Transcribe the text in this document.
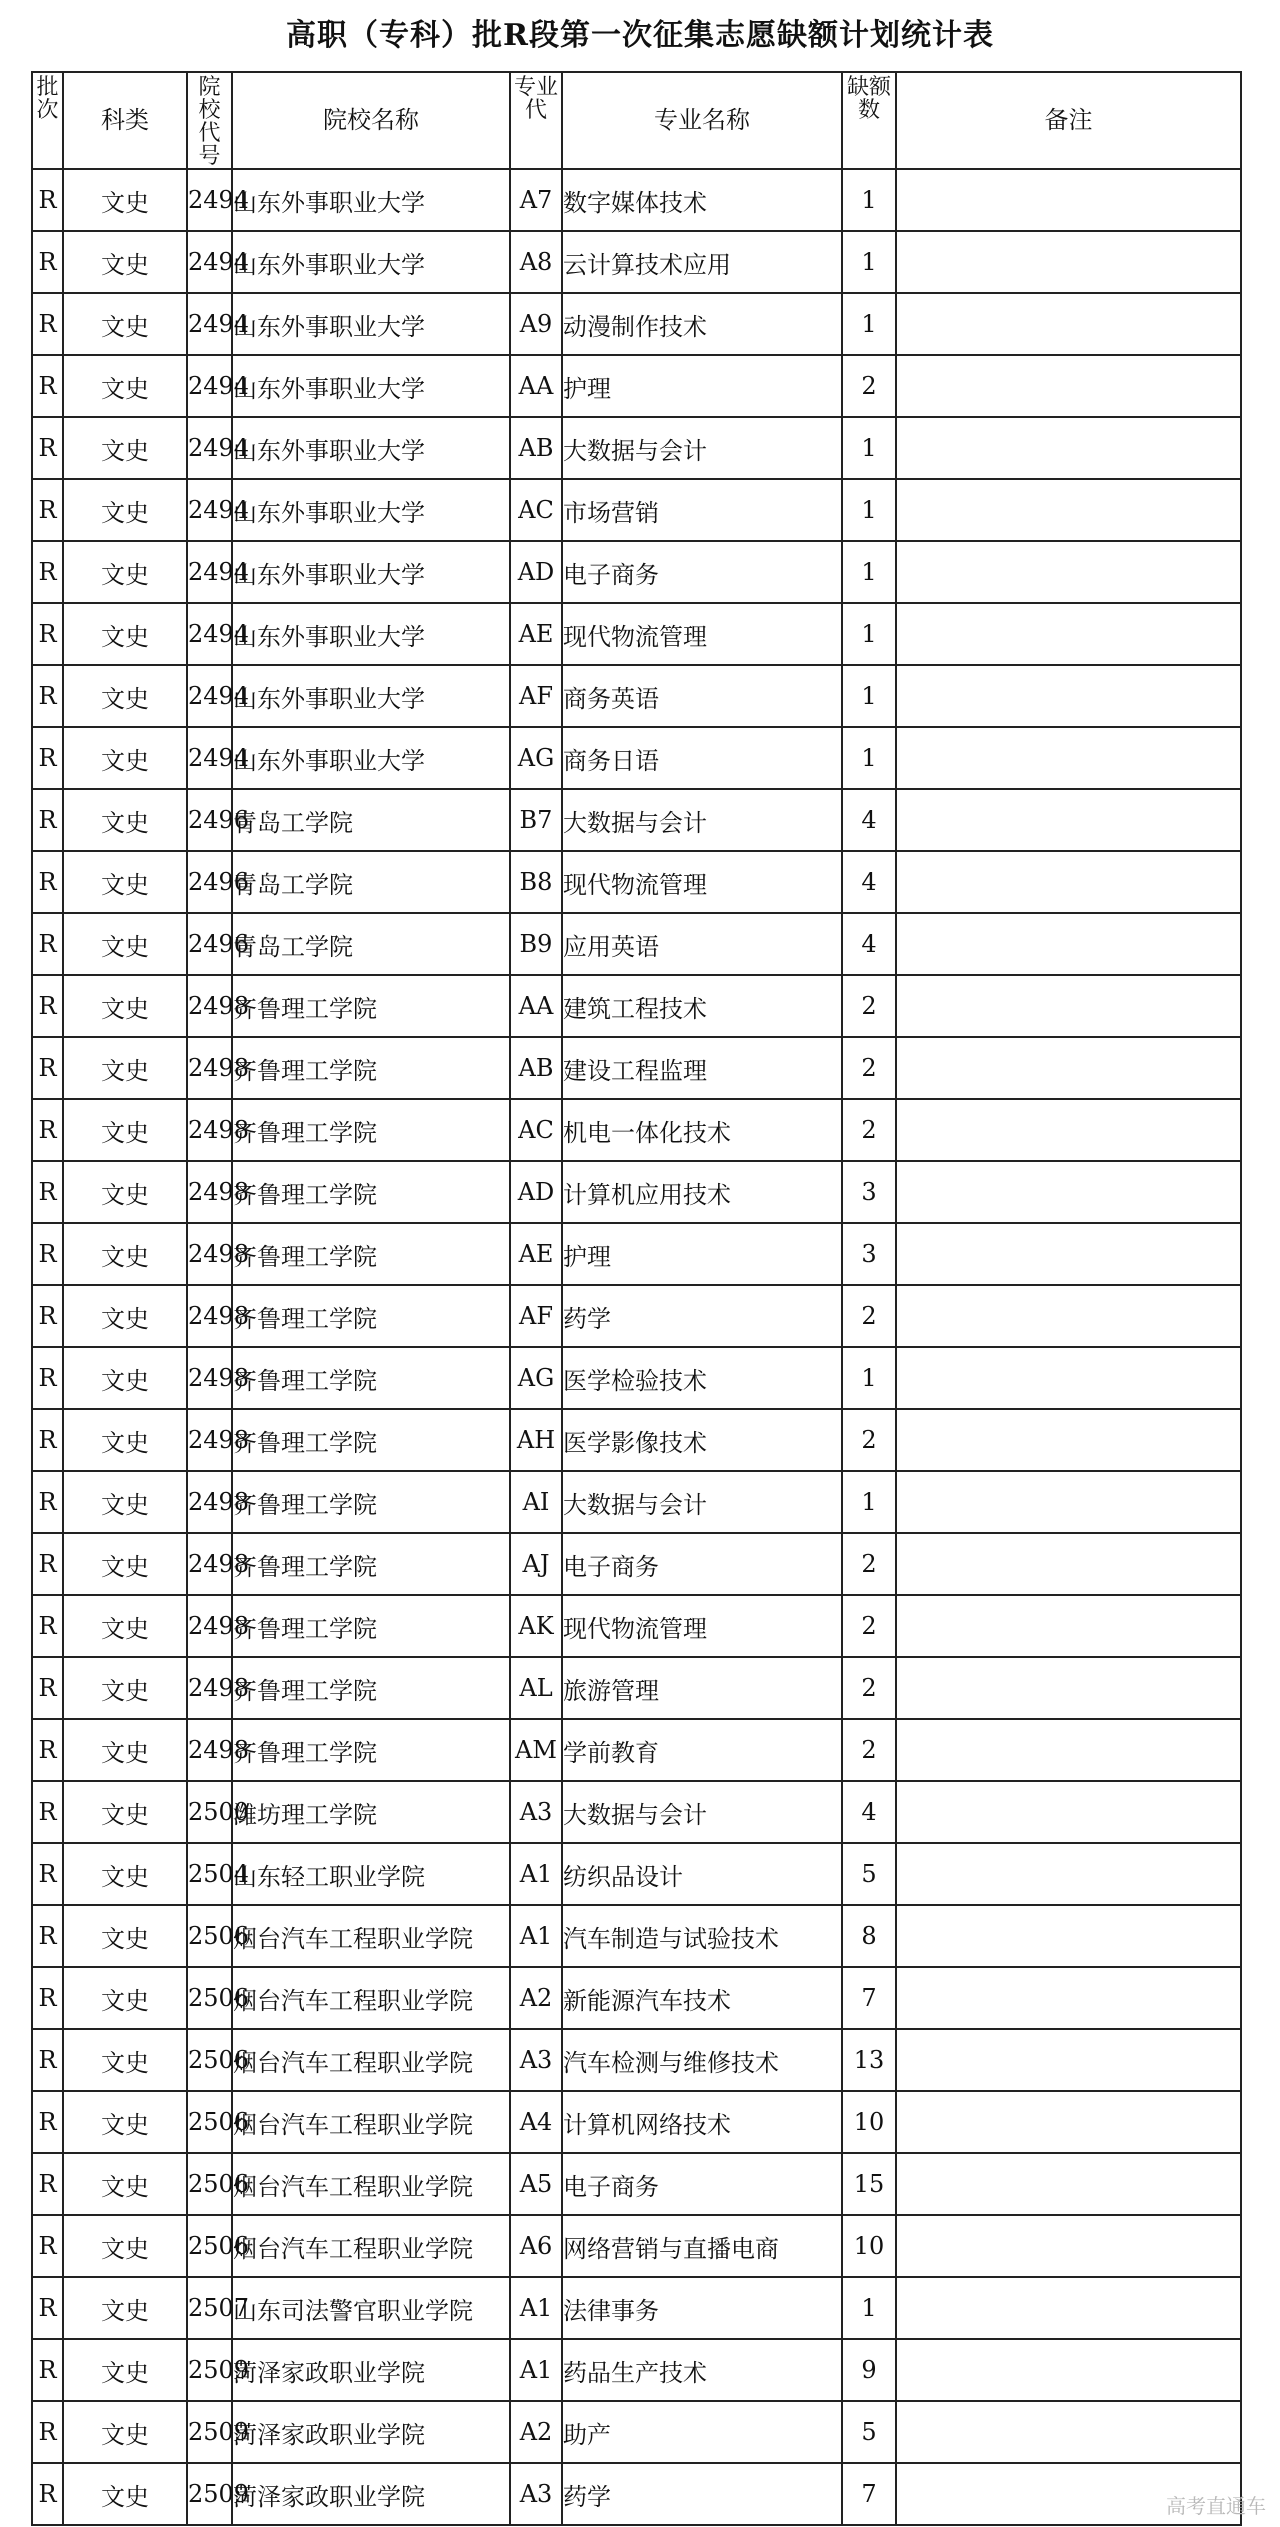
高职（专科）批R段第一次征集志愿缺额计划统计表
批次	科类	院校代号	院校名称	专业代	专业名称	缺额数	备注
R	文史	2494	山东外事职业大学	A7	数字媒体技术	1	
R	文史	2494	山东外事职业大学	A8	云计算技术应用	1	
R	文史	2494	山东外事职业大学	A9	动漫制作技术	1	
R	文史	2494	山东外事职业大学	AA	护理	2	
R	文史	2494	山东外事职业大学	AB	大数据与会计	1	
R	文史	2494	山东外事职业大学	AC	市场营销	1	
R	文史	2494	山东外事职业大学	AD	电子商务	1	
R	文史	2494	山东外事职业大学	AE	现代物流管理	1	
R	文史	2494	山东外事职业大学	AF	商务英语	1	
R	文史	2494	山东外事职业大学	AG	商务日语	1	
R	文史	2496	青岛工学院	B7	大数据与会计	4	
R	文史	2496	青岛工学院	B8	现代物流管理	4	
R	文史	2496	青岛工学院	B9	应用英语	4	
R	文史	2498	齐鲁理工学院	AA	建筑工程技术	2	
R	文史	2498	齐鲁理工学院	AB	建设工程监理	2	
R	文史	2498	齐鲁理工学院	AC	机电一体化技术	2	
R	文史	2498	齐鲁理工学院	AD	计算机应用技术	3	
R	文史	2498	齐鲁理工学院	AE	护理	3	
R	文史	2498	齐鲁理工学院	AF	药学	2	
R	文史	2498	齐鲁理工学院	AG	医学检验技术	1	
R	文史	2498	齐鲁理工学院	AH	医学影像技术	2	
R	文史	2498	齐鲁理工学院	AI	大数据与会计	1	
R	文史	2498	齐鲁理工学院	AJ	电子商务	2	
R	文史	2498	齐鲁理工学院	AK	现代物流管理	2	
R	文史	2498	齐鲁理工学院	AL	旅游管理	2	
R	文史	2498	齐鲁理工学院	AM	学前教育	2	
R	文史	2500	潍坊理工学院	A3	大数据与会计	4	
R	文史	2504	山东轻工职业学院	A1	纺织品设计	5	
R	文史	2506	烟台汽车工程职业学院	A1	汽车制造与试验技术	8	
R	文史	2506	烟台汽车工程职业学院	A2	新能源汽车技术	7	
R	文史	2506	烟台汽车工程职业学院	A3	汽车检测与维修技术	13	
R	文史	2506	烟台汽车工程职业学院	A4	计算机网络技术	10	
R	文史	2506	烟台汽车工程职业学院	A5	电子商务	15	
R	文史	2506	烟台汽车工程职业学院	A6	网络营销与直播电商	10	
R	文史	2507	山东司法警官职业学院	A1	法律事务	1	
R	文史	2509	菏泽家政职业学院	A1	药品生产技术	9	
R	文史	2509	菏泽家政职业学院	A2	助产	5	
R	文史	2509	菏泽家政职业学院	A3	药学	7		高考直通车
